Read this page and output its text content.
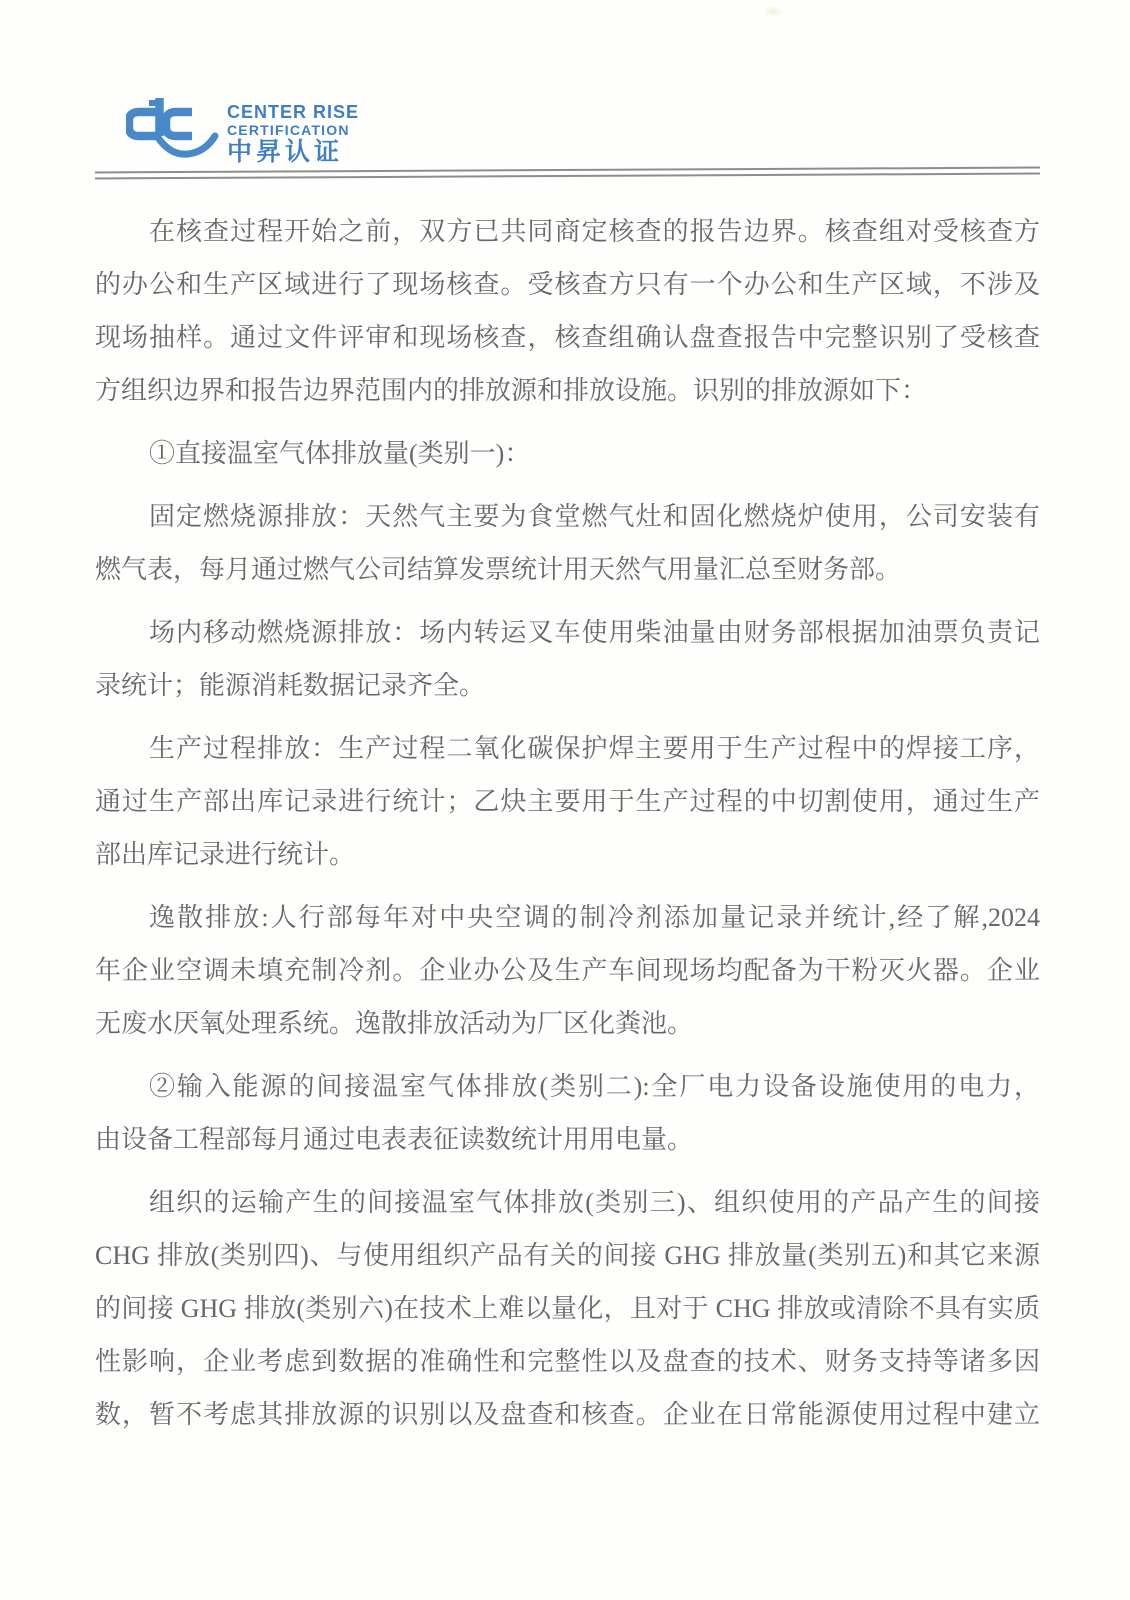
CENTER RISE
CERTIFICATION
中昇认证
在核查过程开始之前，双方已共同商定核查的报告边界。核查组对受核查方
的办公和生产区域进行了现场核查。受核查方只有一个办公和生产区域，不涉及
现场抽样。通过文件评审和现场核查，核查组确认盘查报告中完整识别了受核查
方组织边界和报告边界范围内的排放源和排放设施。识别的排放源如下：
①直接温室气体排放量(类别一)：
固定燃烧源排放：天然气主要为食堂燃气灶和固化燃烧炉使用，公司安装有
燃气表，每月通过燃气公司结算发票统计用天然气用量汇总至财务部。
场内移动燃烧源排放：场内转运叉车使用柴油量由财务部根据加油票负责记
录统计；能源消耗数据记录齐全。
生产过程排放：生产过程二氧化碳保护焊主要用于生产过程中的焊接工序，
通过生产部出库记录进行统计；乙炔主要用于生产过程的中切割使用，通过生产
部出库记录进行统计。
逸散排放:人行部每年对中央空调的制冷剂添加量记录并统计,经了解,2024
年企业空调未填充制冷剂。企业办公及生产车间现场均配备为干粉灭火器。企业
无废水厌氧处理系统。逸散排放活动为厂区化粪池。
②输入能源的间接温室气体排放(类别二):全厂电力设备设施使用的电力，
由设备工程部每月通过电表表征读数统计用用电量。
组织的运输产生的间接温室气体排放(类别三)、组织使用的产品产生的间接
CHG 排放(类别四)、与使用组织产品有关的间接 GHG 排放量(类别五)和其它来源
的间接 GHG 排放(类别六)在技术上难以量化，且对于 CHG 排放或清除不具有实质
性影响，企业考虑到数据的准确性和完整性以及盘查的技术、财务支持等诸多因
数，暂不考虑其排放源的识别以及盘查和核查。企业在日常能源使用过程中建立
